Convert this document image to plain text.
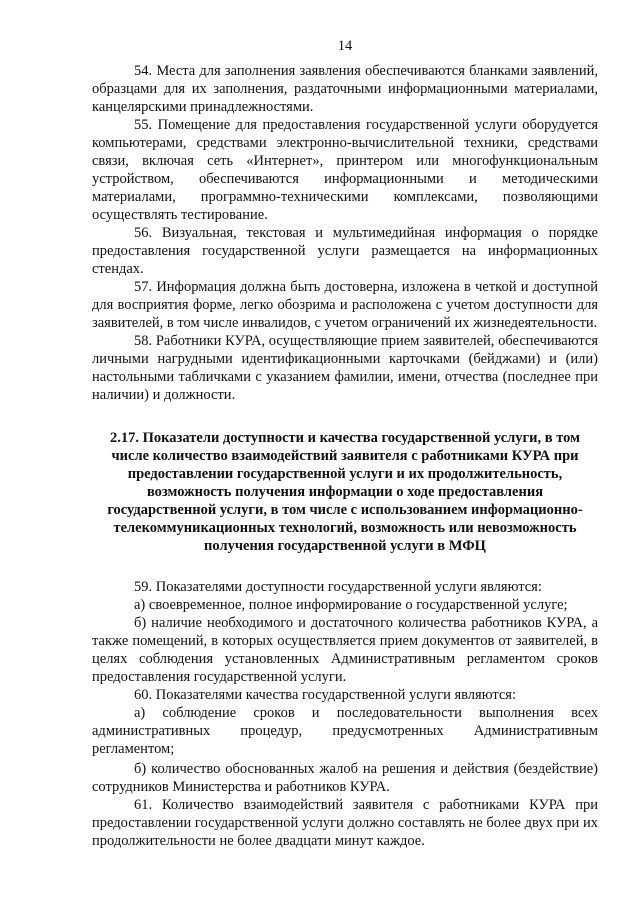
14

54. Места для заполнения заявления обеспечиваются бланками заявлений, образцами для их заполнения, раздаточными информационными материалами, канцелярскими принадлежностями.

55. Помещение для предоставления государственной услуги оборудуется компьютерами, средствами электронно-вычислительной техники, средствами связи, включая сеть «Интернет», принтером или многофункциональным устройством, обеспечиваются информационными и методическими материалами, программно-техническими комплексами, позволяющими осуществлять тестирование.

56. Визуальная, текстовая и мультимедийная информация о порядке предоставления государственной услуги размещается на информационных стендах.

57. Информация должна быть достоверна, изложена в четкой и доступной для восприятия форме, легко обозрима и расположена с учетом доступности для заявителей, в том числе инвалидов, с учетом ограничений их жизнедеятельности.

58. Работники КУРА, осуществляющие прием заявителей, обеспечиваются личными нагрудными идентификационными карточками (бейджами) и (или) настольными табличками с указанием фамилии, имени, отчества (последнее при наличии) и должности.

2.17. Показатели доступности и качества государственной услуги, в том числе количество взаимодействий заявителя с работниками КУРА при предоставлении государственной услуги и их продолжительность, возможность получения информации о ходе предоставления государственной услуги, в том числе с использованием информационно-телекоммуникационных технологий, возможность или невозможность получения государственной услуги в МФЦ

59. Показателями доступности государственной услуги являются:

а) своевременное, полное информирование о государственной услуге;

б) наличие необходимого и достаточного количества работников КУРА, а также помещений, в которых осуществляется прием документов от заявителей, в целях соблюдения установленных Административным регламентом сроков предоставления государственной услуги.

60. Показателями качества государственной услуги являются:

а) соблюдение сроков и последовательности выполнения всех административных процедур, предусмотренных Административным регламентом;

б) количество обоснованных жалоб на решения и действия (бездействие) сотрудников Министерства и работников КУРА.

61. Количество взаимодействий заявителя с работниками КУРА при предоставлении государственной услуги должно составлять не более двух при их продолжительности не более двадцати минут каждое.
